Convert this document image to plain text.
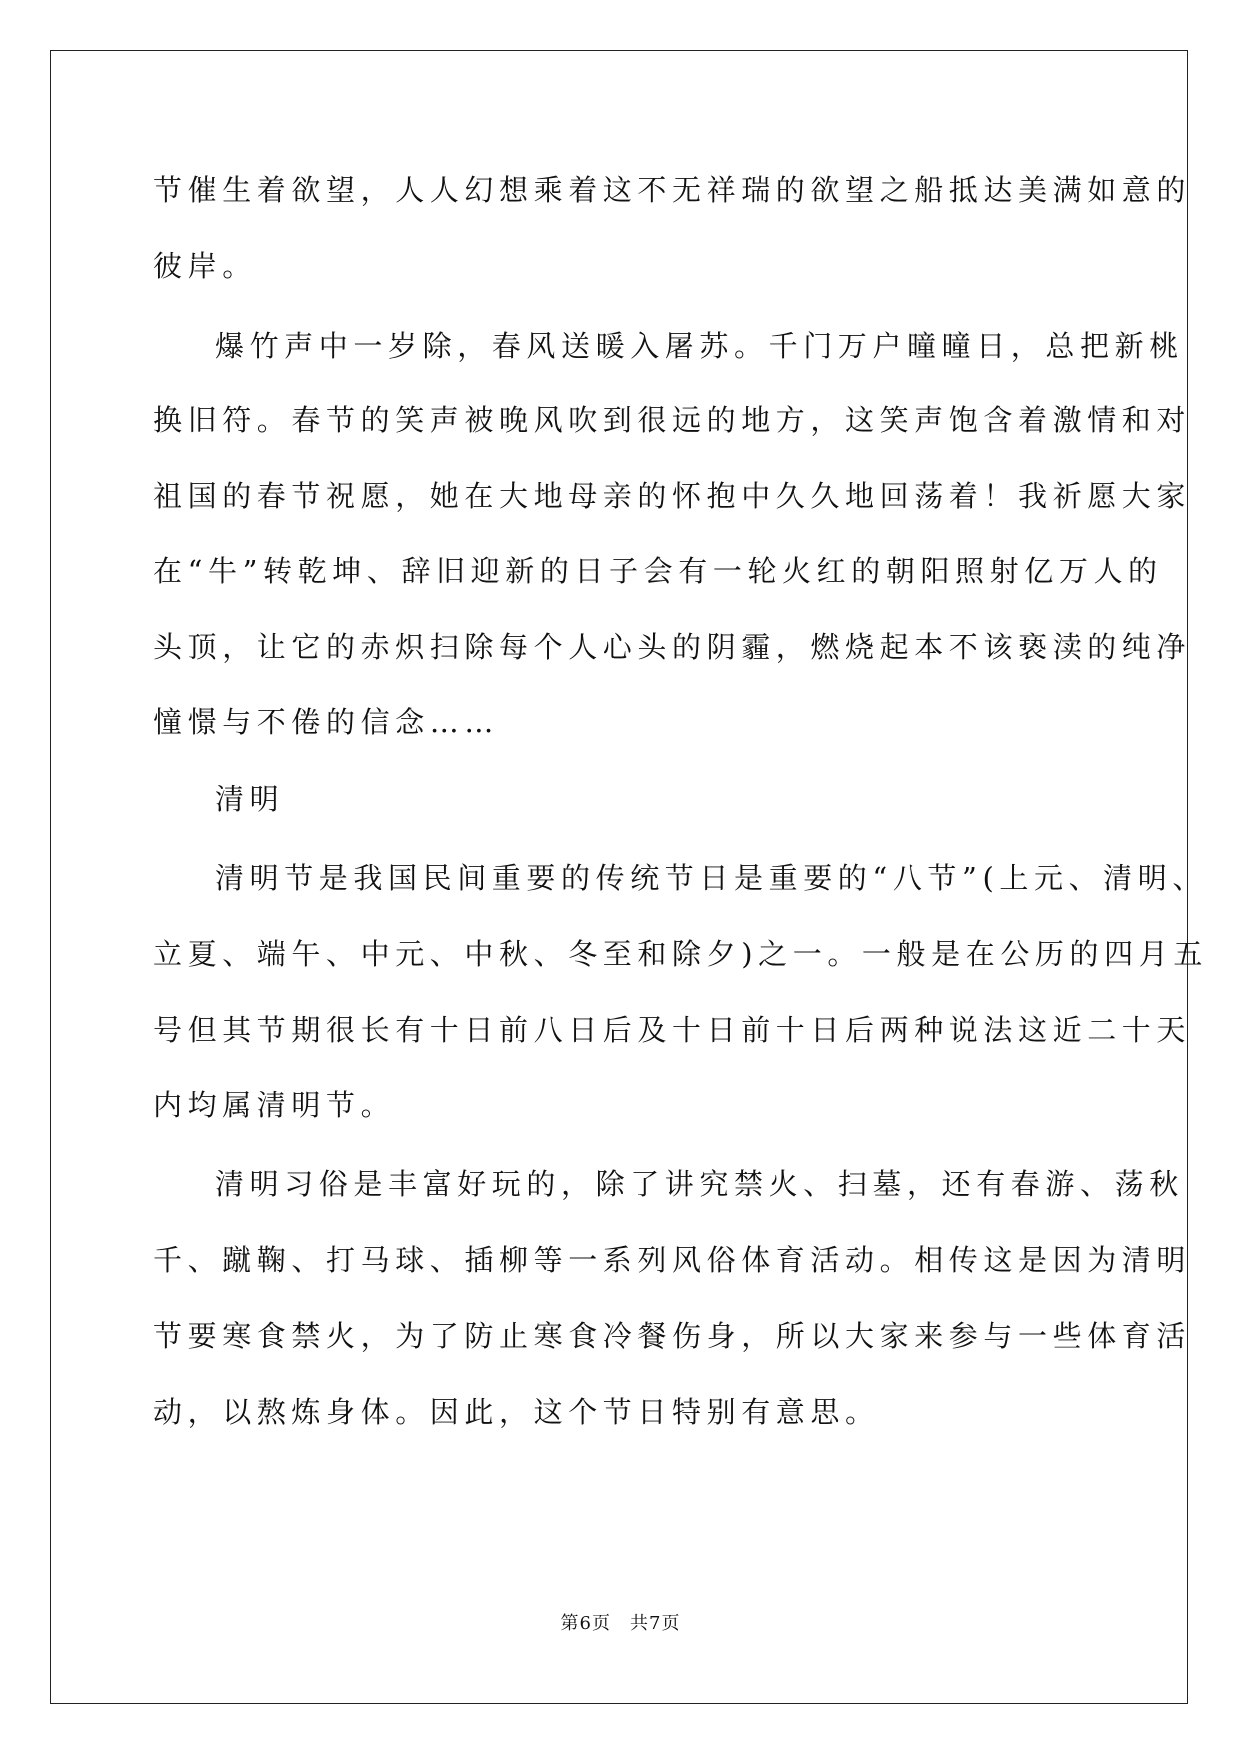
节催生着欲望，人人幻想乘着这不无祥瑞的欲望之船抵达美满如意的
彼岸。
爆竹声中一岁除，春风送暖入屠苏。千门万户曈曈日，总把新桃
换旧符。春节的笑声被晚风吹到很远的地方，这笑声饱含着激情和对
祖国的春节祝愿，她在大地母亲的怀抱中久久地回荡着！我祈愿大家
在“牛”转乾坤、辞旧迎新的日子会有一轮火红的朝阳照射亿万人的
头顶，让它的赤炽扫除每个人心头的阴霾，燃烧起本不该亵渎的纯净
憧憬与不倦的信念……
清明
清明节是我国民间重要的传统节日是重要的“八节”(上元、清明、
立夏、端午、中元、中秋、冬至和除夕)之一。一般是在公历的四月五
号但其节期很长有十日前八日后及十日前十日后两种说法这近二十天
内均属清明节。
清明习俗是丰富好玩的，除了讲究禁火、扫墓，还有春游、荡秋
千、蹴鞠、打马球、插柳等一系列风俗体育活动。相传这是因为清明
节要寒食禁火，为了防止寒食冷餐伤身，所以大家来参与一些体育活
动，以熬炼身体。因此，这个节日特别有意思。
第6页　共7页
